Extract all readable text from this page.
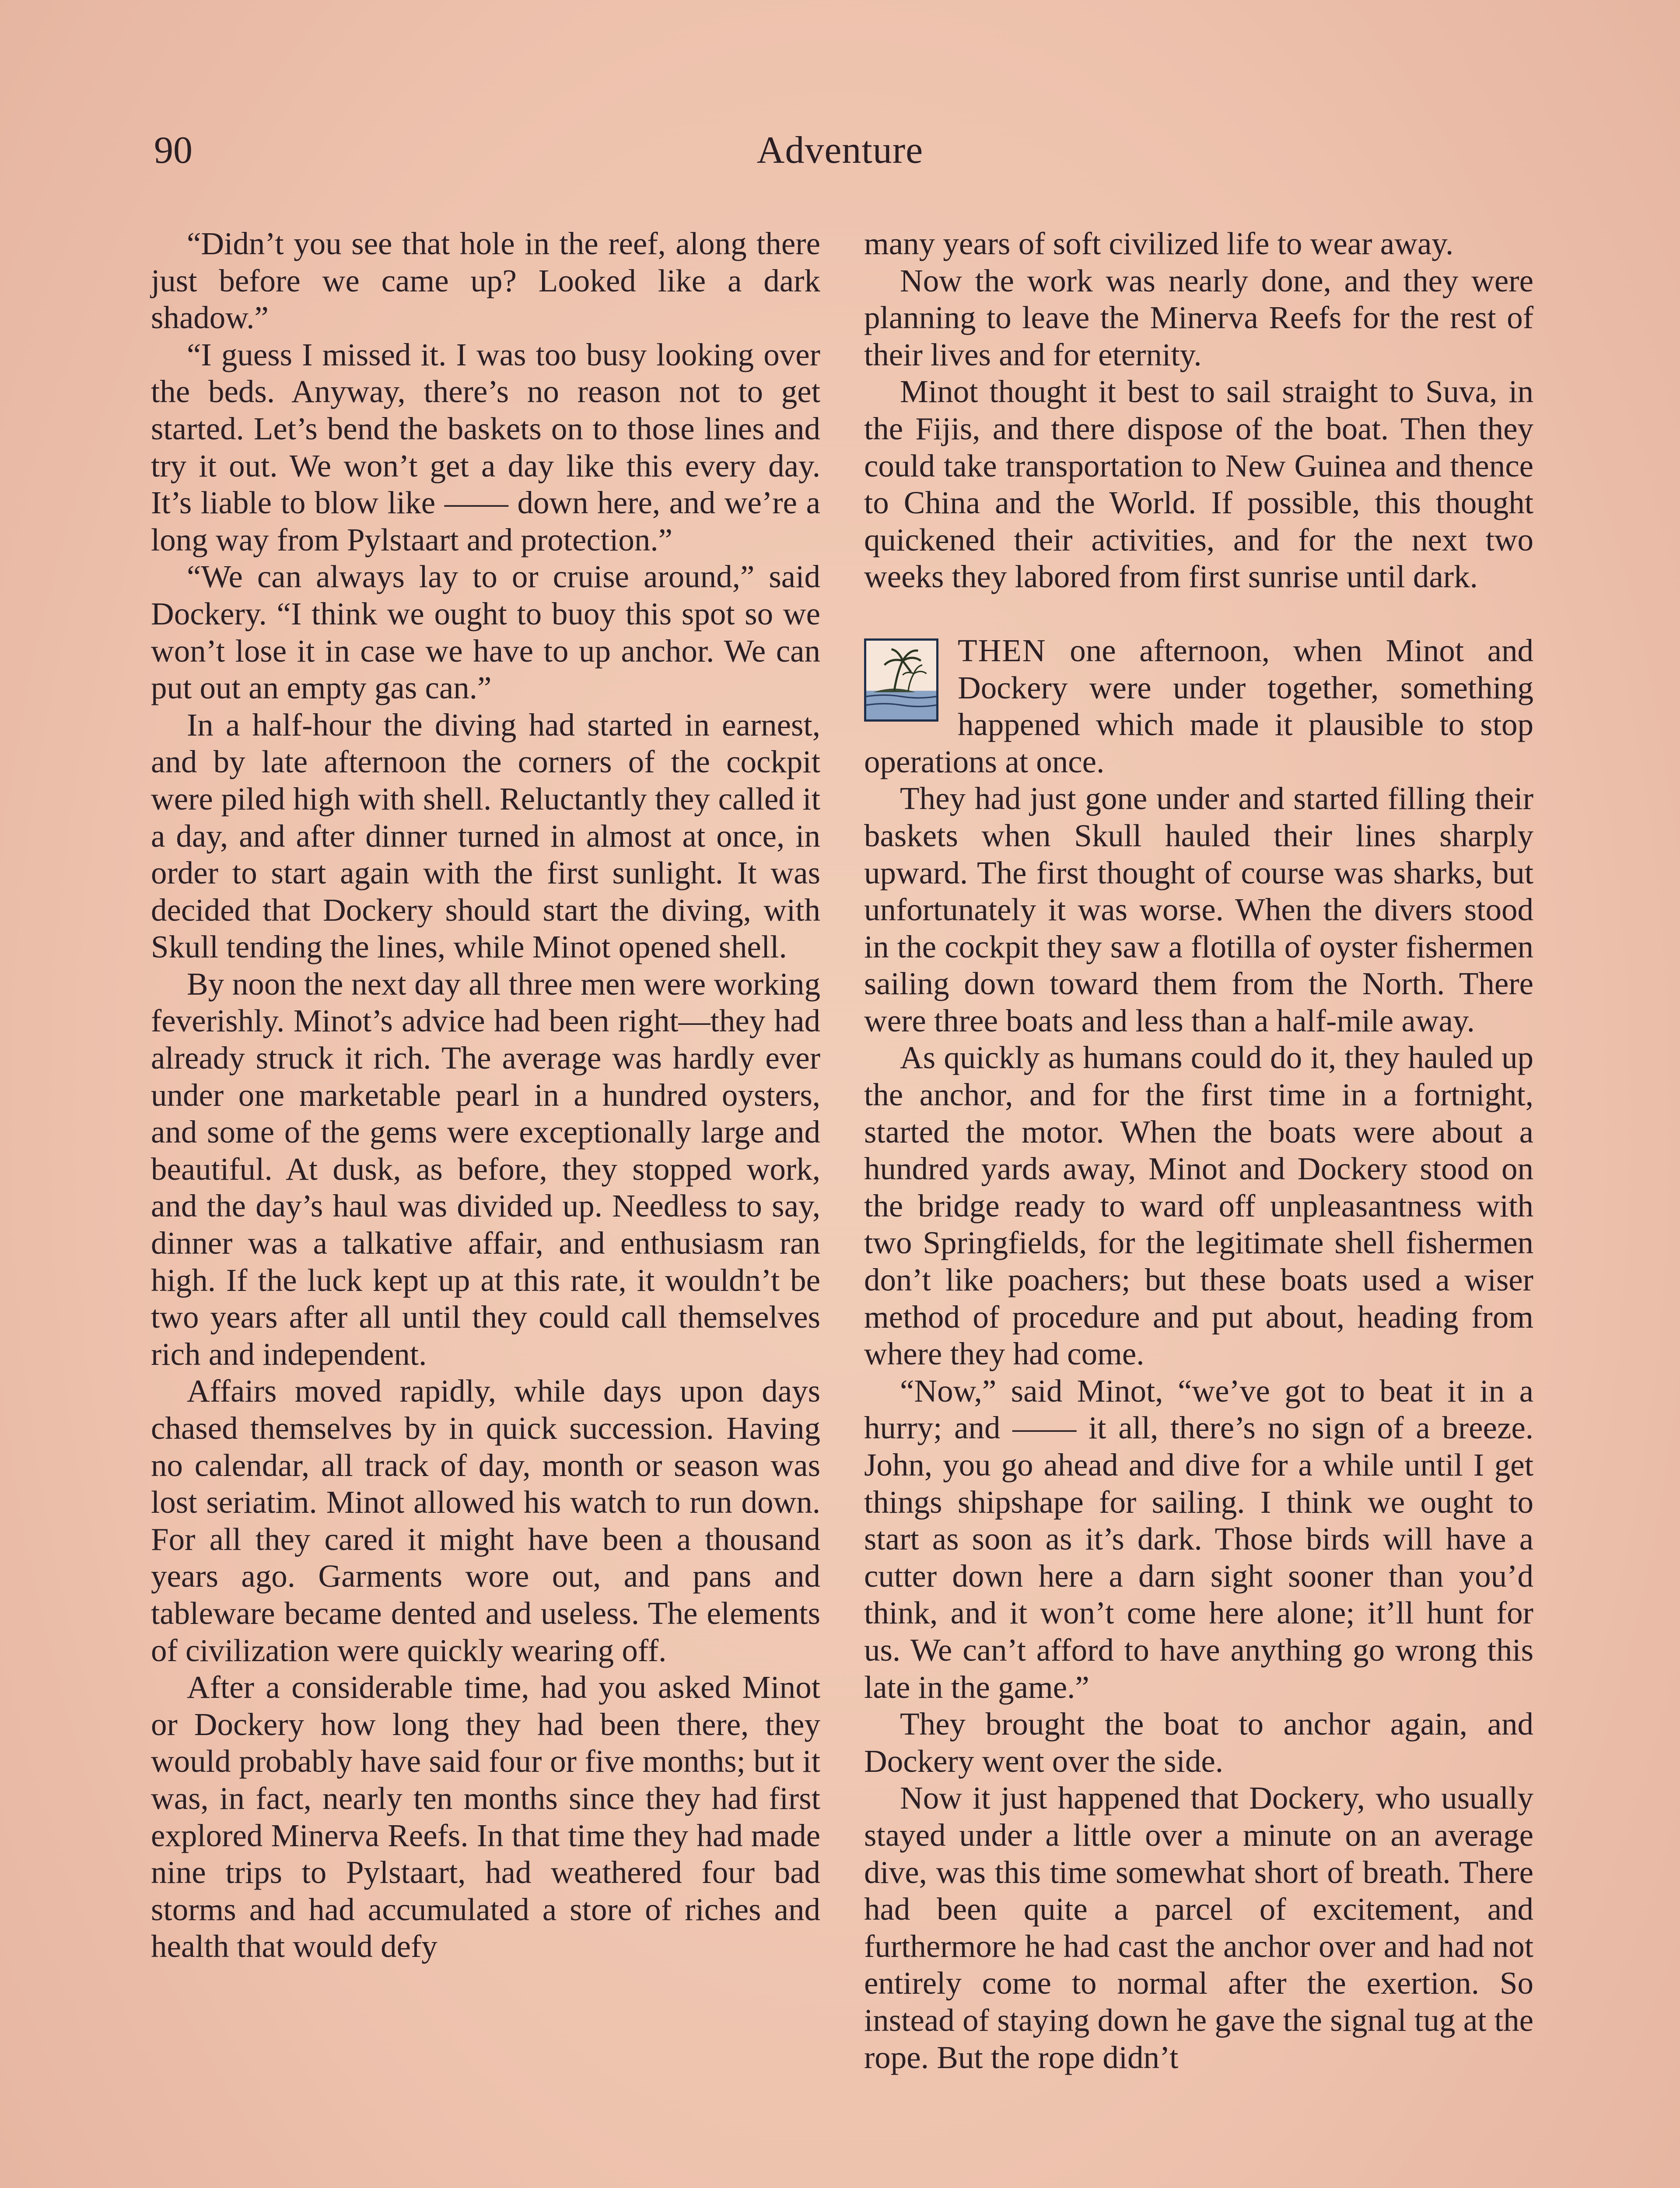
90	Adventure

“Didn’t you see that hole in the reef, along there just before we came up? Looked like a dark shadow.”

“I guess I missed it. I was too busy looking over the beds. Anyway, there’s no reason not to get started. Let’s bend the baskets on to those lines and try it out. We won’t get a day like this every day. It’s liable to blow like —— down here, and we’re a long way from Pylstaart and protection.”

“We can always lay to or cruise around,” said Dockery. “I think we ought to buoy this spot so we won’t lose it in case we have to up anchor. We can put out an empty gas can.”

In a half-hour the diving had started in earnest, and by late afternoon the corners of the cockpit were piled high with shell. Reluctantly they called it a day, and after dinner turned in almost at once, in order to start again with the first sunlight. It was decided that Dockery should start the diving, with Skull tending the lines, while Minot opened shell.

By noon the next day all three men were working feverishly. Minot’s advice had been right—they had already struck it rich. The average was hardly ever under one marketable pearl in a hundred oysters, and some of the gems were exceptionally large and beautiful. At dusk, as before, they stopped work, and the day’s haul was divided up. Needless to say, dinner was a talkative affair, and enthusiasm ran high. If the luck kept up at this rate, it wouldn’t be two years after all until they could call themselves rich and independent.

Affairs moved rapidly, while days upon days chased themselves by in quick succession. Having no calendar, all track of day, month or season was lost seriatim. Minot allowed his watch to run down. For all they cared it might have been a thousand years ago. Garments wore out, and pans and tableware became dented and useless. The elements of civilization were quickly wearing off.

After a considerable time, had you asked Minot or Dockery how long they had been there, they would probably have said four or five months; but it was, in fact, nearly ten months since they had first explored Minerva Reefs. In that time they had made nine trips to Pylstaart, had weathered four bad storms and had accumulated a store of riches and health that would defy

many years of soft civilized life to wear away.

Now the work was nearly done, and they were planning to leave the Minerva Reefs for the rest of their lives and for eternity.

Minot thought it best to sail straight to Suva, in the Fijis, and there dispose of the boat. Then they could take transportation to New Guinea and thence to China and the World. If possible, this thought quickened their activities, and for the next two weeks they labored from first sunrise until dark.

THEN one afternoon, when Minot and Dockery were under together, something happened which made it plausible to stop operations at once.

They had just gone under and started filling their baskets when Skull hauled their lines sharply upward. The first thought of course was sharks, but unfortunately it was worse. When the divers stood in the cockpit they saw a flotilla of oyster fishermen sailing down toward them from the North. There were three boats and less than a half-mile away.

As quickly as humans could do it, they hauled up the anchor, and for the first time in a fortnight, started the motor. When the boats were about a hundred yards away, Minot and Dockery stood on the bridge ready to ward off unpleasantness with two Springfields, for the legitimate shell fishermen don’t like poachers; but these boats used a wiser method of procedure and put about, heading from where they had come.

“Now,” said Minot, “we’ve got to beat it in a hurry; and —— it all, there’s no sign of a breeze. John, you go ahead and dive for a while until I get things shipshape for sailing. I think we ought to start as soon as it’s dark. Those birds will have a cutter down here a darn sight sooner than you’d think, and it won’t come here alone; it’ll hunt for us. We can’t afford to have anything go wrong this late in the game.”

They brought the boat to anchor again, and Dockery went over the side.

Now it just happened that Dockery, who usually stayed under a little over a minute on an average dive, was this time somewhat short of breath. There had been quite a parcel of excitement, and furthermore he had cast the anchor over and had not entirely come to normal after the exertion. So instead of staying down he gave the signal tug at the rope. But the rope didn’t
